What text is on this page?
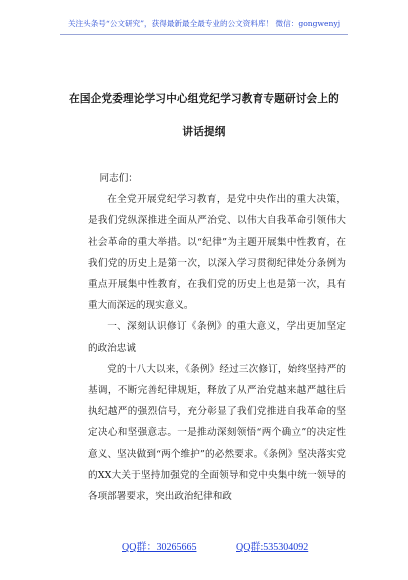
关注头条号“公文研究”，获得最新最全最专业的公文资料库！ 微信：gongwenyj
在国企党委理论学习中心组党纪学习教育专题研讨会上的
讲话提纲

同志们：

在全党开展党纪学习教育，是党中央作出的重大决策，是我们党纵深推进全面从严治党、以伟大自我革命引领伟大社会革命的重大举措。以“纪律”为主题开展集中性教育，在我们党的历史上是第一次，以深入学习贯彻纪律处分条例为重点开展集中性教育，在我们党的历史上也是第一次，具有重大而深远的现实意义。

一、深刻认识修订《条例》的重大意义，学出更加坚定的政治忠诚

党的十八大以来，《条例》经过三次修订，始终坚持严的基调，不断完善纪律规矩，释放了从严治党越来越严越往后执纪越严的强烈信号，充分彰显了我们党推进自我革命的坚定决心和坚强意志。一是推动深刻领悟“两个确立”的决定性意义、坚决做到“两个维护”的必然要求。《条例》坚决落实党的XX大关于坚持加强党的全面领导和党中央集中统一领导的各项部署要求，突出政治纪律和政

QQ群：30265665	QQ群:535304092
